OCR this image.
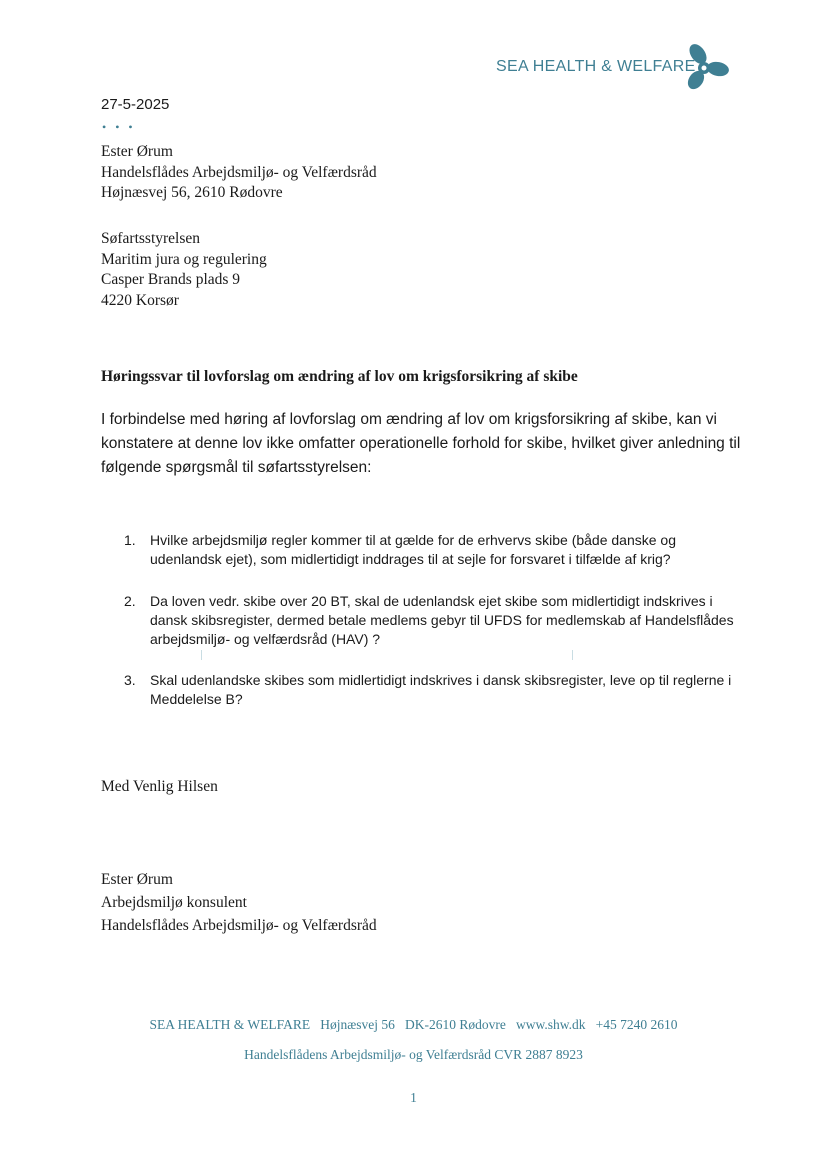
SEA HEALTH & WELFARE
27-5-2025
• • •
Ester Ørum
Handelsflådes Arbejdsmiljø- og Velfærdsråd
Højnæsvej 56, 2610 Rødovre
Søfartsstyrelsen
Maritim jura og regulering
Casper Brands plads 9
4220 Korsør
Høringssvar til lovforslag om ændring af lov om krigsforsikring af skibe
I forbindelse med høring af lovforslag om ændring af lov om krigsforsikring af skibe, kan vi konstatere at denne lov ikke omfatter operationelle forhold for skibe, hvilket giver anledning til følgende spørgsmål til søfartsstyrelsen:
1. Hvilke arbejdsmiljø regler kommer til at gælde for de erhvervs skibe (både danske og udenlandsk ejet), som midlertidigt inddrages til at sejle for forsvaret i tilfælde af krig?
2. Da loven vedr. skibe over 20 BT, skal de udenlandsk ejet skibe som midlertidigt indskrives i dansk skibsregister, dermed betale medlems gebyr til UFDS for medlemskab af Handelsflådes arbejdsmiljø- og velfærdsråd (HAV) ?
3. Skal udenlandske skibes som midlertidigt indskrives i dansk skibsregister, leve op til reglerne i Meddelelse B?
Med Venlig Hilsen
Ester Ørum
Arbejdsmiljø konsulent
Handelsflådes Arbejdsmiljø- og Velfærdsråd
SEA HEALTH & WELFARE   Højnæsvej 56   DK-2610 Rødovre   www.shw.dk   +45 7240 2610
Handelsflådens Arbejdsmiljø- og Velfærdsråd CVR 2887 8923
1
